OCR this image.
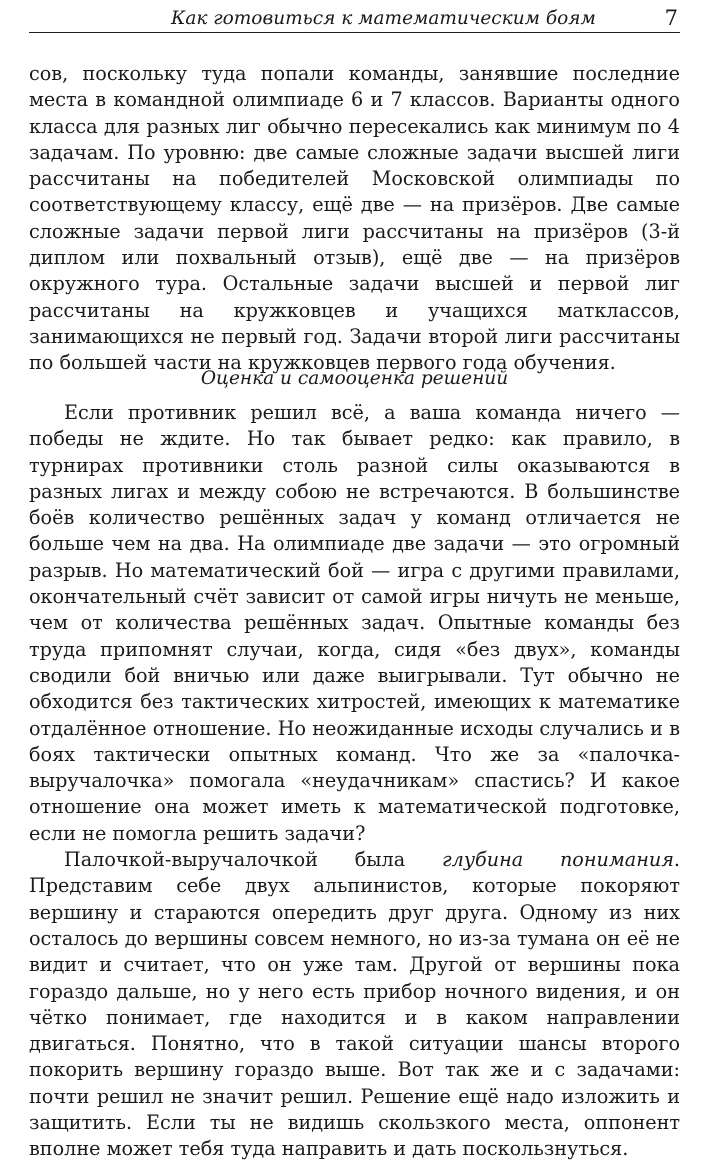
Как готовиться к математическим боям	7

сов, поскольку туда попали команды, занявшие последние места в командной олимпиаде 6 и 7 классов. Варианты одного класса для разных лиг обычно пересекались как минимум по 4 задачам. По уровню: две самые сложные задачи высшей лиги рассчитаны на победителей Московской олимпиады по соответствующему классу, ещё две — на призёров. Две самые сложные задачи первой лиги рассчитаны на призёров (3-й диплом или похвальный отзыв), ещё две — на призёров окружного тура. Остальные задачи высшей и первой лиг рассчитаны на кружковцев и учащихся матклассов, занимающихся не первый год. Задачи второй лиги рассчитаны по большей части на кружковцев первого года обучения.

Оценка и самооценка решений

Если противник решил всё, а ваша команда ничего — победы не ждите. Но так бывает редко: как правило, в турнирах противники столь разной силы оказываются в разных лигах и между собою не встречаются. В большинстве боёв количество решённых задач у команд отличается не больше чем на два. На олимпиаде две задачи — это огромный разрыв. Но математический бой — игра с другими правилами, окончательный счёт зависит от самой игры ничуть не меньше, чем от количества решённых задач. Опытные команды без труда припомнят случаи, когда, сидя «без двух», команды сводили бой вничью или даже выигрывали. Тут обычно не обходится без тактических хитростей, имеющих к математике отдалённое отношение. Но неожиданные исходы случались и в боях тактически опытных команд. Что же за «палочка-выручалочка» помогала «неудачникам» спастись? И какое отношение она может иметь к математической подготовке, если не помогла решить задачи?

Палочкой-выручалочкой была глубина понимания. Представим себе двух альпинистов, которые покоряют вершину и стараются опередить друг друга. Одному из них осталось до вершины совсем немного, но из-за тумана он её не видит и считает, что он уже там. Другой от вершины пока гораздо дальше, но у него есть прибор ночного видения, и он чётко понимает, где находится и в каком направлении двигаться. Понятно, что в такой ситуации шансы второго покорить вершину гораздо выше. Вот так же и с задачами: почти решил не значит решил. Решение ещё надо изложить и защитить. Если ты не видишь скользкого места, оппонент вполне может тебя туда направить и дать поскользнуться.
